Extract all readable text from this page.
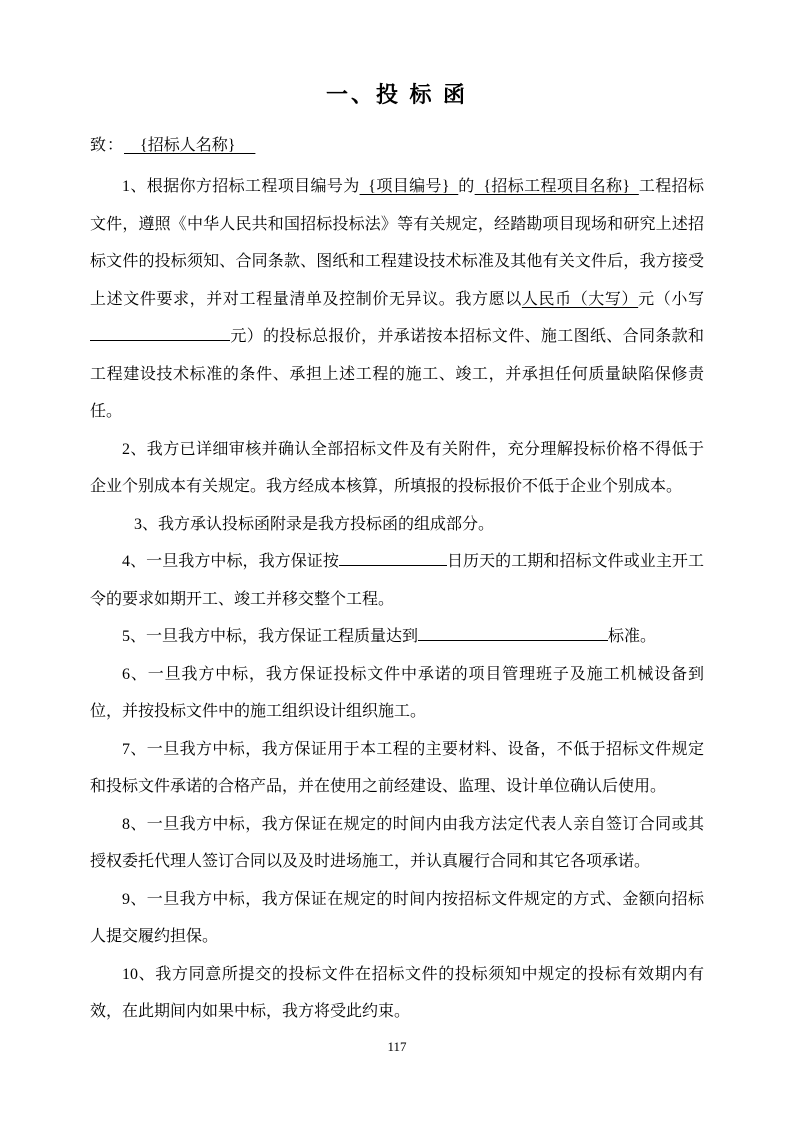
一、投 标 函
致：    {招标人名称}

1、根据你方招标工程项目编号为  {项目编号}  的  {招标工程项目名称}  工程招标文件，遵照《中华人民共和国招标投标法》等有关规定，经踏勘项目现场和研究上述招标文件的投标须知、合同条款、图纸和工程建设技术标准及其他有关文件后，我方接受上述文件要求，并对工程量清单及控制价无异议。我方愿以人民币（大写）元（小写元）的投标总报价，并承诺按本招标文件、施工图纸、合同条款和工程建设技术标准的条件、承担上述工程的施工、竣工，并承担任何质量缺陷保修责任。

2、我方已详细审核并确认全部招标文件及有关附件，充分理解投标价格不得低于企业个别成本有关规定。我方经成本核算，所填报的投标报价不低于企业个别成本。

3、我方承认投标函附录是我方投标函的组成部分。

4、一旦我方中标，我方保证按	日历天的工期和招标文件或业主开工令的要求如期开工、竣工并移交整个工程。

5、一旦我方中标，我方保证工程质量达到	标准。

6、一旦我方中标，我方保证投标文件中承诺的项目管理班子及施工机械设备到位，并按投标文件中的施工组织设计组织施工。

7、一旦我方中标，我方保证用于本工程的主要材料、设备，不低于招标文件规定和投标文件承诺的合格产品，并在使用之前经建设、监理、设计单位确认后使用。

8、一旦我方中标，我方保证在规定的时间内由我方法定代表人亲自签订合同或其授权委托代理人签订合同以及及时进场施工，并认真履行合同和其它各项承诺。

9、一旦我方中标，我方保证在规定的时间内按招标文件规定的方式、金额向招标人提交履约担保。

10、我方同意所提交的投标文件在招标文件的投标须知中规定的投标有效期内有效，在此期间内如果中标，我方将受此约束。

117
